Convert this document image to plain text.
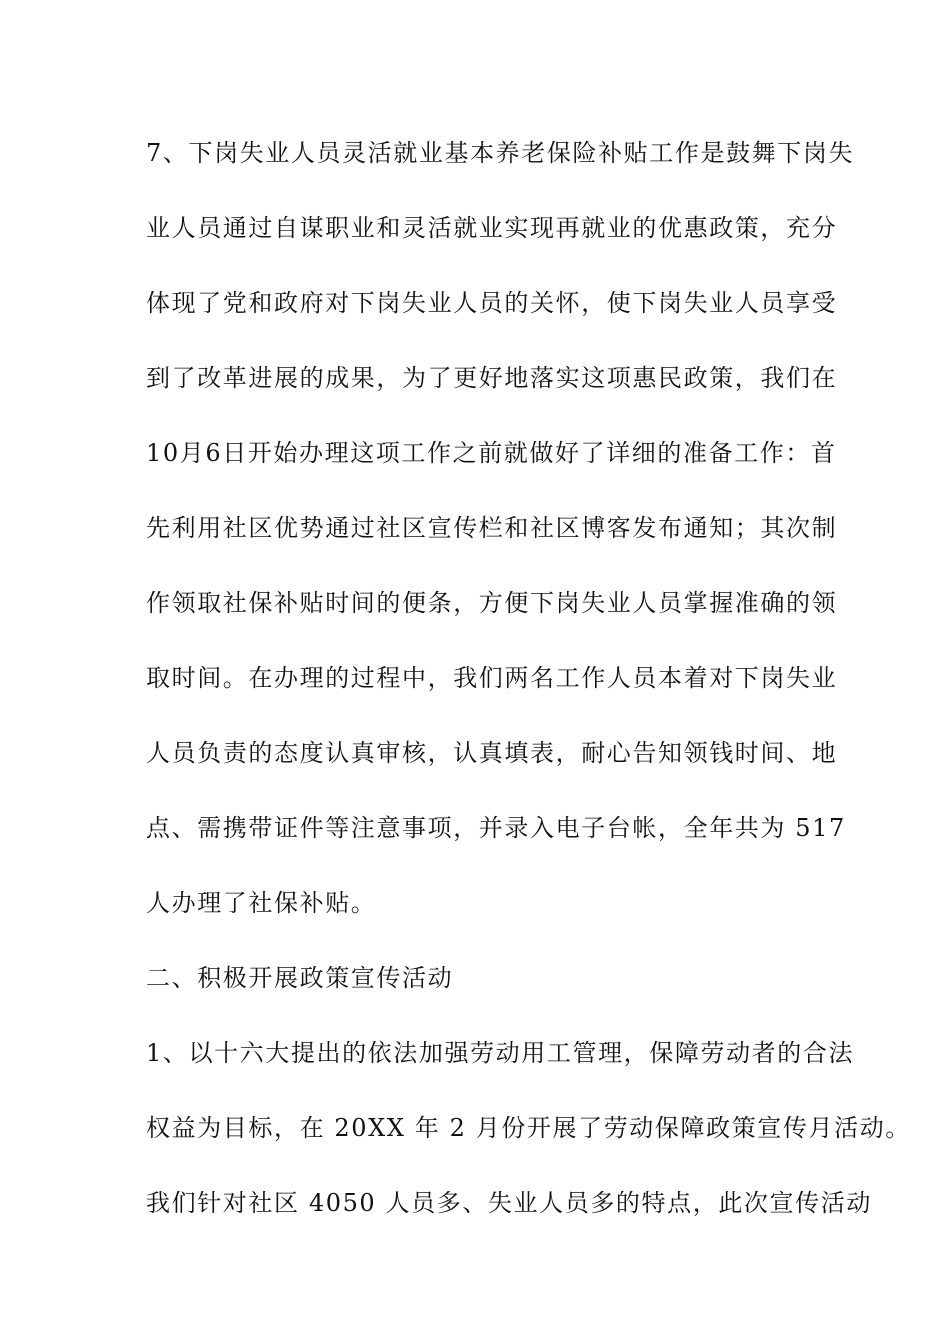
7、下岗失业人员灵活就业基本养老保险补贴工作是鼓舞下岗失
业人员通过自谋职业和灵活就业实现再就业的优惠政策，充分
体现了党和政府对下岗失业人员的关怀，使下岗失业人员享受
到了改革进展的成果，为了更好地落实这项惠民政策，我们在
10月6日开始办理这项工作之前就做好了详细的准备工作：首
先利用社区优势通过社区宣传栏和社区博客发布通知；其次制
作领取社保补贴时间的便条，方便下岗失业人员掌握准确的领
取时间。在办理的过程中，我们两名工作人员本着对下岗失业
人员负责的态度认真审核，认真填表，耐心告知领钱时间、地
点、需携带证件等注意事项，并录入电子台帐，全年共为 517
人办理了社保补贴。
二、积极开展政策宣传活动
1、以十六大提出的依法加强劳动用工管理，保障劳动者的合法
权益为目标，在 20XX 年 2 月份开展了劳动保障政策宣传月活动。
我们针对社区 4050 人员多、失业人员多的特点，此次宣传活动
